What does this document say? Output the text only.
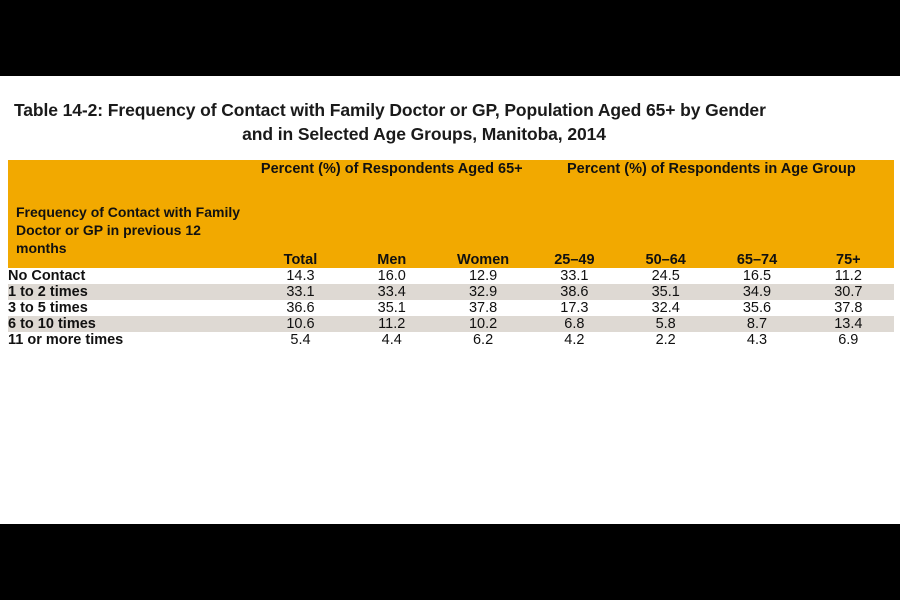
Table 14-2: Frequency of Contact with Family Doctor or GP, Population Aged 65+ by Gender
and in Selected Age Groups, Manitoba, 2014
Frequency of Contact with Family Doctor or GP in previous 12 months	Percent (%) of Respondents Aged 65+			Percent (%) of Respondents in Age Group			
	Total	Men	Women	25–49	50–64	65–74	75+
No Contact	14.3	16.0	12.9	33.1	24.5	16.5	11.2
1 to 2 times	33.1	33.4	32.9	38.6	35.1	34.9	30.7
3 to 5 times	36.6	35.1	37.8	17.3	32.4	35.6	37.8
6 to 10 times	10.6	11.2	10.2	6.8	5.8	8.7	13.4
11 or more times	5.4	4.4	6.2	4.2	2.2	4.3	6.9
